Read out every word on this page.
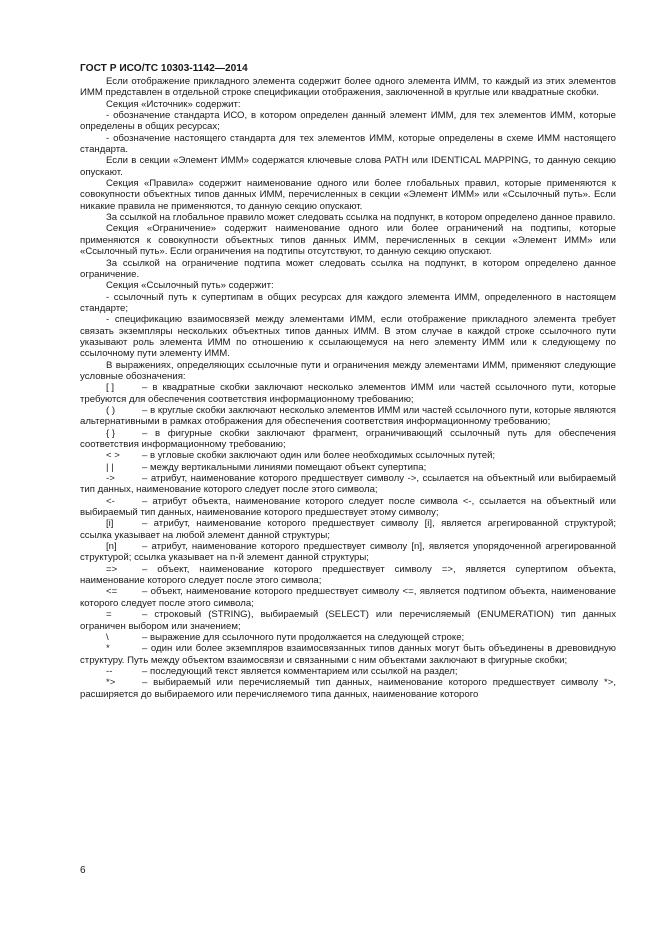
ГОСТ Р ИСО/ТС 10303-1142—2014

Если отображение прикладного элемента содержит более одного элемента ИММ, то каждый из этих элементов ИММ представлен в отдельной строке спецификации отображения, заключенной в круглые или квадратные скобки.

Секция «Источник» содержит:

- обозначение стандарта ИСО, в котором определен данный элемент ИММ, для тех элементов ИММ, которые определены в общих ресурсах;

- обозначение настоящего стандарта для тех элементов ИММ, которые определены в схеме ИММ настоящего стандарта.

Если в секции «Элемент ИММ» содержатся ключевые слова PATH или IDENTICAL MAPPING, то данную секцию опускают.

Секция «Правила» содержит наименование одного или более глобальных правил, которые применяются к совокупности объектных типов данных ИММ, перечисленных в секции «Элемент ИММ» или «Ссылочный путь». Если никакие правила не применяются, то данную секцию опускают.

За ссылкой на глобальное правило может следовать ссылка на подпункт, в котором определено данное правило.

Секция «Ограничение» содержит наименование одного или более ограничений на подтипы, которые применяются к совокупности объектных типов данных ИММ, перечисленных в секции «Элемент ИММ» или «Ссылочный путь». Если ограничения на подтипы отсутствуют, то данную секцию опускают.

За ссылкой на ограничение подтипа может следовать ссылка на подпункт, в котором определено данное ограничение.

Секция «Ссылочный путь» содержит:

- ссылочный путь к супертипам в общих ресурсах для каждого элемента ИММ, определенного в настоящем стандарте;

- спецификацию взаимосвязей между элементами ИММ, если отображение прикладного элемента требует связать экземпляры нескольких объектных типов данных ИММ. В этом случае в каждой строке ссылочного пути указывают роль элемента ИММ по отношению к ссылающемуся на него элементу ИММ или к следующему по ссылочному пути элементу ИММ.

В выражениях, определяющих ссылочные пути и ограничения между элементами ИММ, применяют следующие условные обозначения:

[ ]	– в квадратные скобки заключают несколько элементов ИММ или частей ссылочного пути, которые требуются для обеспечения соответствия информационному требованию;

( )	– в круглые скобки заключают несколько элементов ИММ или частей ссылочного пути, которые являются альтернативными в рамках отображения для обеспечения соответствия информационному требованию;

{ }	– в фигурные скобки заключают фрагмент, ограничивающий ссылочный путь для обеспечения соответствия информационному требованию;

< > – в угловые скобки заключают один или более необходимых ссылочных путей;

| |	– между вертикальными линиями помещают объект супертипа;

->	– атрибут, наименование которого предшествует символу ->, ссылается на объектный или выбираемый тип данных, наименование которого следует после этого символа;

<-	– атрибут объекта, наименование которого следует после символа <-, ссылается на объектный или выбираемый тип данных, наименование которого предшествует этому символу;

[i]	– атрибут, наименование которого предшествует символу [i], является агрегированной структурой; ссылка указывает на любой элемент данной структуры;

[n]	– атрибут, наименование которого предшествует символу [n], является упорядоченной агрегированной структурой; ссылка указывает на n-й элемент данной структуры;

=>	– объект, наименование которого предшествует символу =>, является супертипом объекта, наименование которого следует после этого символа;

<=	– объект, наименование которого предшествует символу <=, является подтипом объекта, наименование которого следует после этого символа;

=	– строковый (STRING), выбираемый (SELECT) или перечисляемый (ENUMERATION) тип данных ограничен выбором или значением;

\	– выражение для ссылочного пути продолжается на следующей строке;

*	– один или более экземпляров взаимосвязанных типов данных могут быть объединены в древовидную структуру. Путь между объектом взаимосвязи и связанными с ним объектами заключают в фигурные скобки;

--	– последующий текст является комментарием или ссылкой на раздел;

*>	– выбираемый или перечисляемый тип данных, наименование которого предшествует символу *>, расширяется до выбираемого или перечисляемого типа данных, наименование которого

6
